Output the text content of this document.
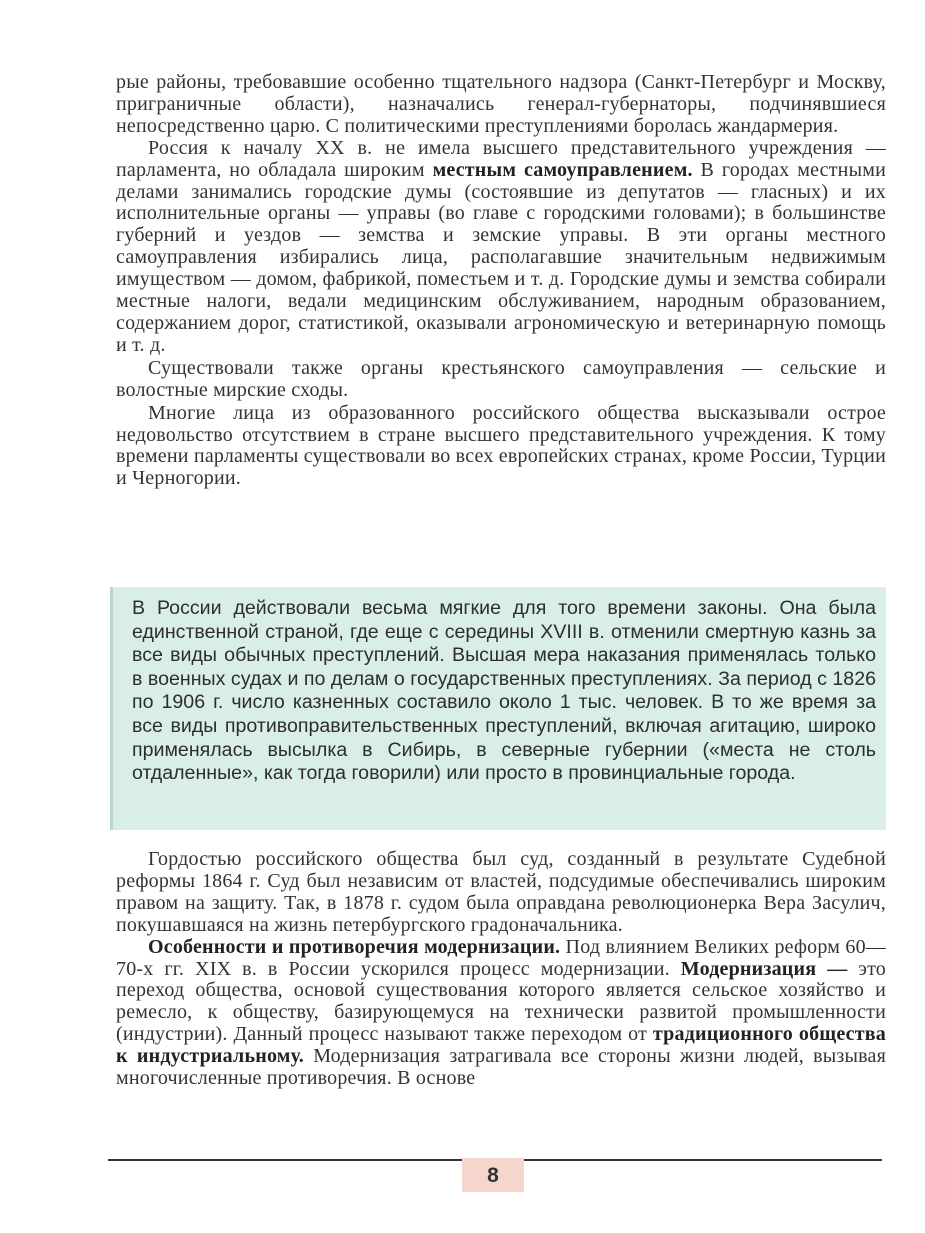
рые районы, требовавшие особенно тщательного надзора (Санкт-Петербург и Москву, приграничные области), назначались генерал-губернаторы, подчинявшиеся непосредственно царю. С политическими преступлениями боролась жандармерия.

Россия к началу XX в. не имела высшего представительного учреждения — парламента, но обладала широким местным самоуправлением. В городах местными делами занимались городские думы (состоявшие из депутатов — гласных) и их исполнительные органы — управы (во главе с городскими головами); в большинстве губерний и уездов — земства и земские управы. В эти органы местного самоуправления избирались лица, располагавшие значительным недвижимым имуществом — домом, фабрикой, поместьем и т. д. Городские думы и земства собирали местные налоги, ведали медицинским обслуживанием, народным образованием, содержанием дорог, статистикой, оказывали агрономическую и ветеринарную помощь и т. д.

Существовали также органы крестьянского самоуправления — сельские и волостные мирские сходы.

Многие лица из образованного российского общества высказывали острое недовольство отсутствием в стране высшего представительного учреждения. К тому времени парламенты существовали во всех европейских странах, кроме России, Турции и Черногории.

В России действовали весьма мягкие для того времени законы. Она была единственной страной, где еще с середины XVIII в. отменили смертную казнь за все виды обычных преступлений. Высшая мера наказания применялась только в военных судах и по делам о государственных преступлениях. За период с 1826 по 1906 г. число казненных составило около 1 тыс. человек. В то же время за все виды противоправительственных преступлений, включая агитацию, широко применялась высылка в Сибирь, в северные губернии («места не столь отдаленные», как тогда говорили) или просто в провинциальные города.

Гордостью российского общества был суд, созданный в результате Судебной реформы 1864 г. Суд был независим от властей, подсудимые обеспечивались широким правом на защиту. Так, в 1878 г. судом была оправдана революционерка Вера Засулич, покушавшаяся на жизнь петербургского градоначальника.

Особенности и противоречия модернизации. Под влиянием Великих реформ 60—70-х гг. XIX в. в России ускорился процесс модернизации. Модернизация — это переход общества, основой существования которого является сельское хозяйство и ремесло, к обществу, базирующемуся на технически развитой промышленности (индустрии). Данный процесс называют также переходом от традиционного общества к индустриальному. Модернизация затрагивала все стороны жизни людей, вызывая многочисленные противоречия. В основе

8
